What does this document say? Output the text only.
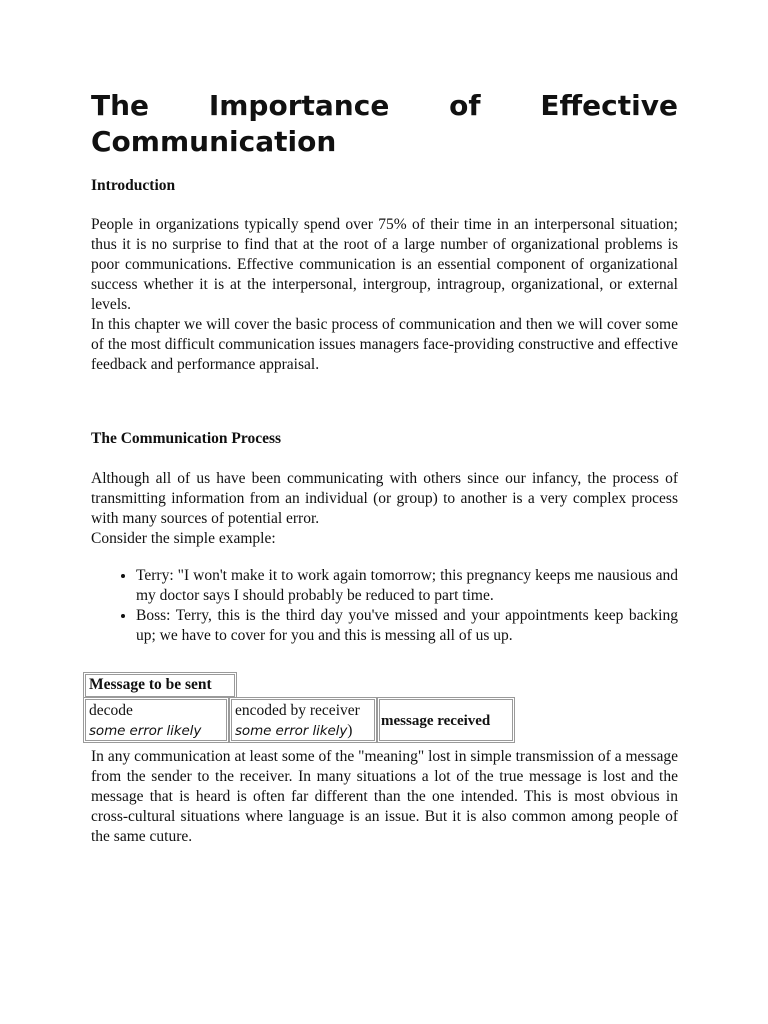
The Importance of Effective
Communication
Introduction

People in organizations typically spend over 75% of their time in an interpersonal situation; thus it is no surprise to find that at the root of a large number of organizational problems is poor communications. Effective communication is an essential component of organizational success whether it is at the interpersonal, intergroup, intragroup, organizational, or external levels.

In this chapter we will cover the basic process of communication and then we will cover some of the most difficult communication issues managers face-providing constructive and effective feedback and performance appraisal.

The Communication Process

Although all of us have been communicating with others since our infancy, the process of transmitting information from an individual (or group) to another is a very complex process with many sources of potential error.

Consider the simple example:

• Terry: "I won't make it to work again tomorrow; this pregnancy keeps me nausious and my doctor says I should probably be reduced to part time.
• Boss: Terry, this is the third day you've missed and your appointments keep backing up; we have to cover for you and this is messing all of us up.
Message to be sent
decode
some error likely
encoded by receiver
some error likely)
message received

In any communication at least some of the "meaning" lost in simple transmission of a message from the sender to the receiver. In many situations a lot of the true message is lost and the message that is heard is often far different than the one intended. This is most obvious in cross-cultural situations where language is an issue. But it is also common among people of the same cuture.
